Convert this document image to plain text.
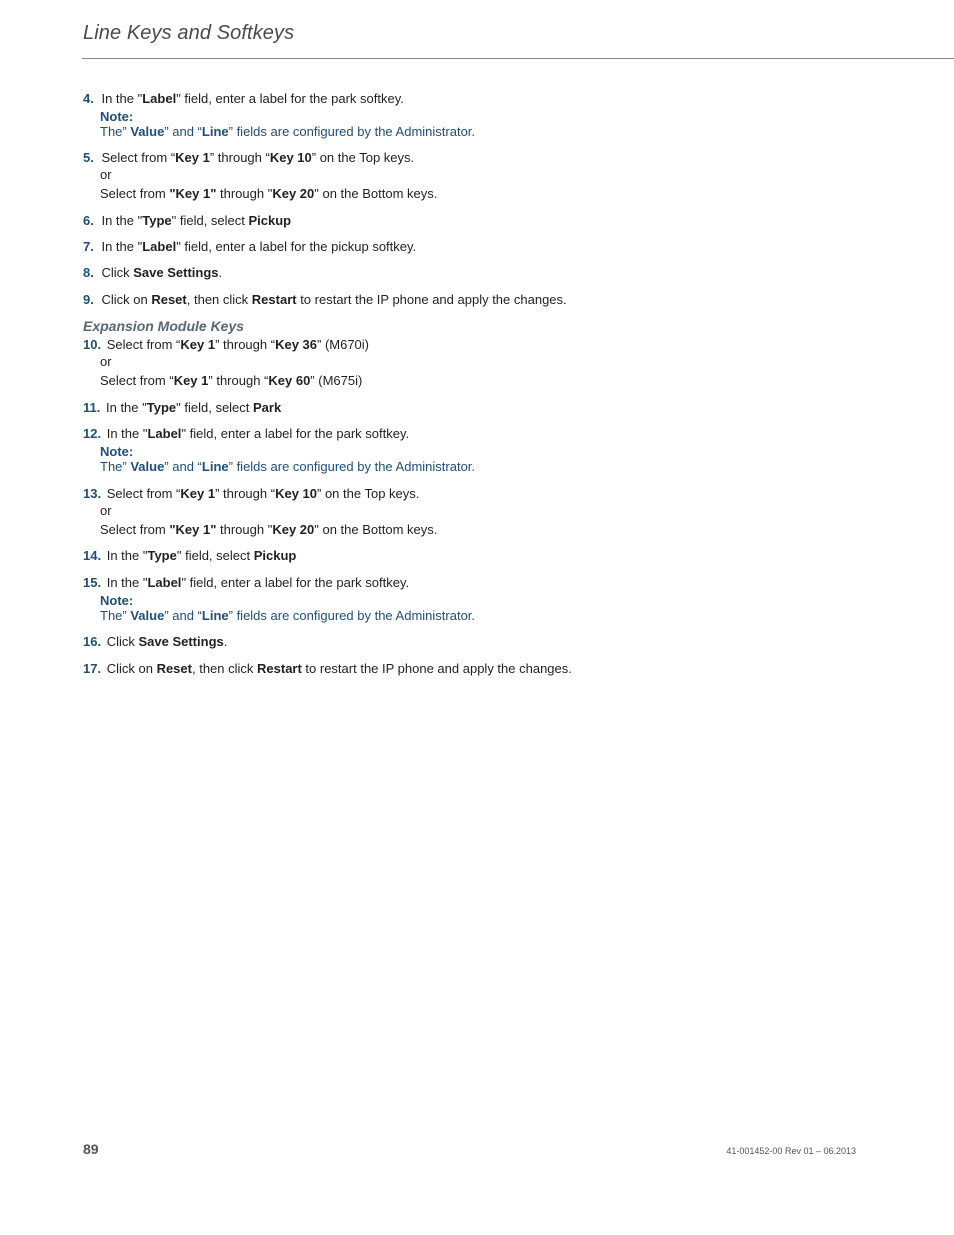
Line Keys and Softkeys
4. In the "Label" field, enter a label for the park softkey.
Note:
The” Value” and “Line” fields are configured by the Administrator.
5. Select from “Key 1” through “Key 10” on the Top keys.
or
Select from "Key 1" through "Key 20" on the Bottom keys.
6. In the "Type" field, select Pickup
7. In the "Label" field, enter a label for the pickup softkey.
8. Click Save Settings.
9. Click on Reset, then click Restart to restart the IP phone and apply the changes.
Expansion Module Keys
10. Select from “Key 1” through “Key 36” (M670i)
or
Select from “Key 1” through “Key 60” (M675i)
11. In the "Type" field, select Park
12. In the "Label" field, enter a label for the park softkey.
Note:
The” Value” and “Line” fields are configured by the Administrator.
13. Select from “Key 1” through “Key 10” on the Top keys.
or
Select from "Key 1" through "Key 20" on the Bottom keys.
14. In the "Type" field, select Pickup
15. In the "Label" field, enter a label for the park softkey.
Note:
The” Value” and “Line” fields are configured by the Administrator.
16. Click Save Settings.
17. Click on Reset, then click Restart to restart the IP phone and apply the changes.
89	41-001452-00 Rev 01 – 06.2013
